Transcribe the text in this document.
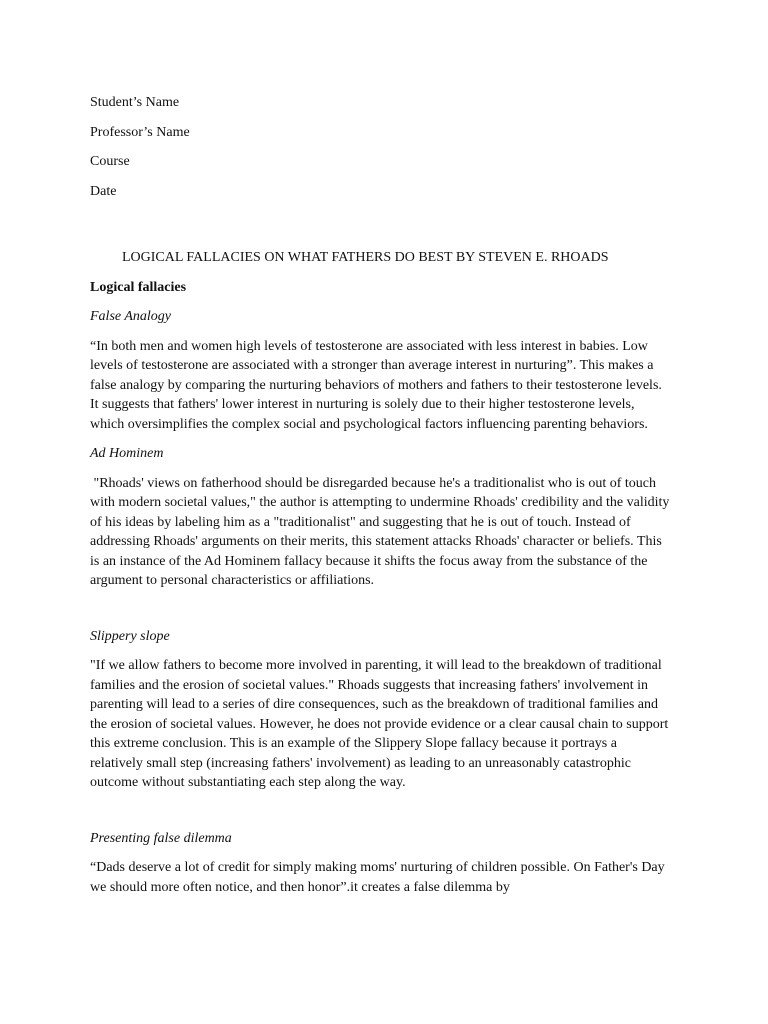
Student’s Name

Professor’s Name

Course

Date

LOGICAL FALLACIES ON WHAT FATHERS DO BEST BY STEVEN E. RHOADS

Logical fallacies

False Analogy

“In both men and women high levels of testosterone are associated with less interest in babies. Low levels of testosterone are associated with a stronger than average interest in nurturing”. This makes a false analogy by comparing the nurturing behaviors of mothers and fathers to their testosterone levels. It suggests that fathers' lower interest in nurturing is solely due to their higher testosterone levels, which oversimplifies the complex social and psychological factors influencing parenting behaviors.

Ad Hominem

"Rhoads' views on fatherhood should be disregarded because he's a traditionalist who is out of touch with modern societal values," the author is attempting to undermine Rhoads' credibility and the validity of his ideas by labeling him as a "traditionalist" and suggesting that he is out of touch. Instead of addressing Rhoads' arguments on their merits, this statement attacks Rhoads' character or beliefs. This is an instance of the Ad Hominem fallacy because it shifts the focus away from the substance of the argument to personal characteristics or affiliations.

Slippery slope

"If we allow fathers to become more involved in parenting, it will lead to the breakdown of traditional families and the erosion of societal values." Rhoads suggests that increasing fathers' involvement in parenting will lead to a series of dire consequences, such as the breakdown of traditional families and the erosion of societal values. However, he does not provide evidence or a clear causal chain to support this extreme conclusion. This is an example of the Slippery Slope fallacy because it portrays a relatively small step (increasing fathers' involvement) as leading to an unreasonably catastrophic outcome without substantiating each step along the way.

Presenting false dilemma

“Dads deserve a lot of credit for simply making moms' nurturing of children possible. On Father's Day we should more often notice, and then honor”.it creates a false dilemma by
